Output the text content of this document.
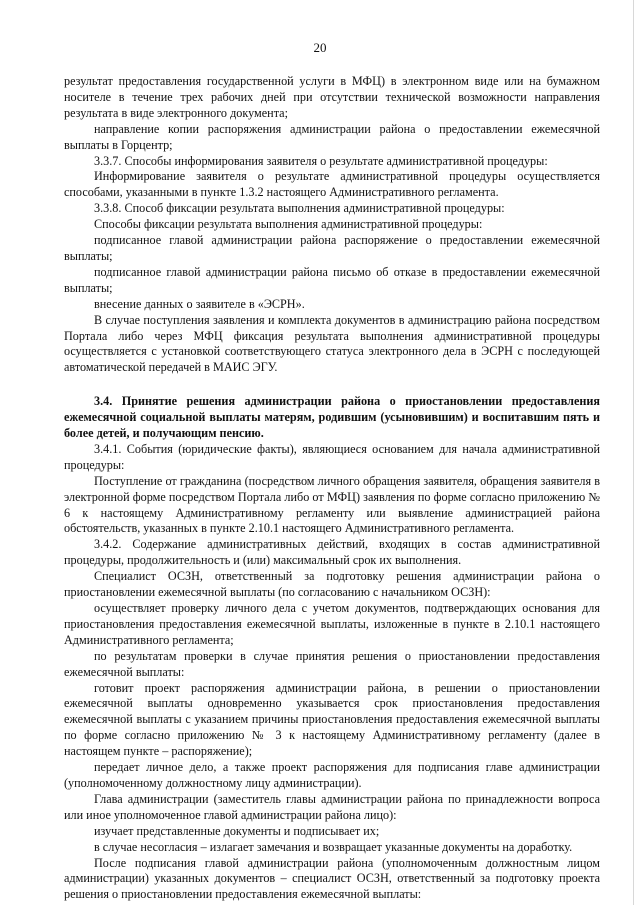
20

результат предоставления государственной услуги в МФЦ) в электронном виде или на бумажном носителе в течение трех рабочих дней при отсутствии технической возможности направления результата в виде электронного документа;

направление копии распоряжения администрации района о предоставлении ежемесячной выплаты в Горцентр;

3.3.7. Способы информирования заявителя о результате административной процедуры:

Информирование заявителя о результате административной процедуры осуществляется способами, указанными в пункте 1.3.2 настоящего Административного регламента.

3.3.8. Способ фиксации результата выполнения административной процедуры:

Способы фиксации результата выполнения административной процедуры:

подписанное главой администрации района распоряжение о предоставлении ежемесячной выплаты;

подписанное главой администрации района письмо об отказе в предоставлении ежемесячной выплаты;

внесение данных о заявителе в «ЭСРН».

В случае поступления заявления и комплекта документов в администрацию района посредством Портала либо через МФЦ фиксация результата выполнения административной процедуры осуществляется с установкой соответствующего статуса электронного дела в ЭСРН с последующей автоматической передачей в МАИС ЭГУ.

3.4. Принятие решения администрации района о приостановлении предоставления ежемесячной социальной выплаты матерям, родившим (усыновившим) и воспитавшим пять и более детей, и получающим пенсию.

3.4.1. События (юридические факты), являющиеся основанием для начала административной процедуры:

Поступление от гражданина (посредством личного обращения заявителя, обращения заявителя в электронной форме посредством Портала либо от МФЦ) заявления по форме согласно приложению № 6 к настоящему Административному регламенту или выявление администрацией района обстоятельств, указанных в пункте 2.10.1 настоящего Административного регламента.

3.4.2. Содержание административных действий, входящих в состав административной процедуры, продолжительность и (или) максимальный срок их выполнения.

Специалист ОСЗН, ответственный за подготовку решения администрации района о приостановлении ежемесячной выплаты (по согласованию с начальником ОСЗН):

осуществляет проверку личного дела с учетом документов, подтверждающих основания для приостановления предоставления ежемесячной выплаты, изложенные в пункте в 2.10.1 настоящего Административного регламента;

по результатам проверки в случае принятия решения о приостановлении предоставления ежемесячной выплаты:

готовит проект распоряжения администрации района, в решении о приостановлении ежемесячной выплаты одновременно указывается срок приостановления предоставления ежемесячной выплаты с указанием причины приостановления предоставления ежемесячной выплаты по форме согласно приложению № 3 к настоящему Административному регламенту (далее в настоящем пункте – распоряжение);

передает личное дело, а также проект распоряжения для подписания главе администрации (уполномоченному должностному лицу администрации).

Глава администрации (заместитель главы администрации района по принадлежности вопроса или иное уполномоченное главой администрации района лицо):

изучает представленные документы и подписывает их;

в случае несогласия – излагает замечания и возвращает указанные документы на доработку.

После подписания главой администрации района (уполномоченным должностным лицом администрации) указанных документов – специалист ОСЗН, ответственный за подготовку проекта решения о приостановлении предоставления ежемесячной выплаты:
